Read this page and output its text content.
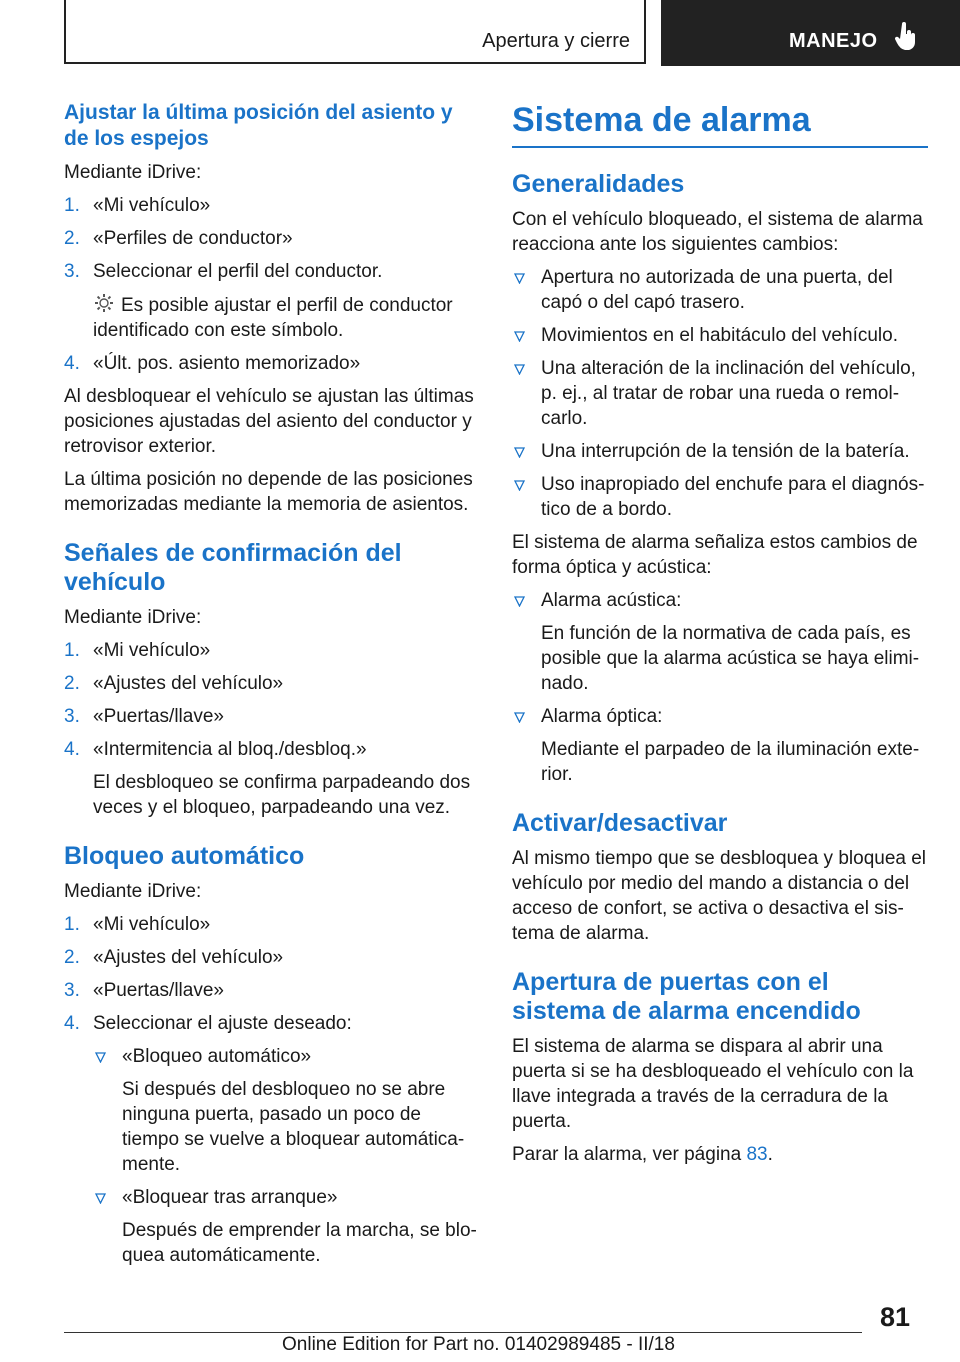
Apertura y cierre	MANEJO
Ajustar la última posición del asiento y de los espejos

Mediante iDrive:

1. «Mi vehículo»
2. «Perfiles de conductor»
3. Seleccionar el perfil del conductor.
Es posible ajustar el perfil de conductor identificado con este símbolo.
4. «Últ. pos. asiento memorizado»

Al desbloquear el vehículo se ajustan las últimas posiciones ajustadas del asiento del conductor y retrovisor exterior.

La última posición no depende de las posiciones memorizadas mediante la memoria de asientos.

Señales de confirmación del vehículo

Mediante iDrive:

1. «Mi vehículo»
2. «Ajustes del vehículo»
3. «Puertas/llave»
4. «Intermitencia al bloq./desbloq.»
El desbloqueo se confirma parpadeando dos veces y el bloqueo, parpadeando una vez.
Bloqueo automático

Mediante iDrive:

1. «Mi vehículo»
2. «Ajustes del vehículo»
3. «Puertas/llave»
4. Seleccionar el ajuste deseado:
«Bloqueo automático»
Si después del desbloqueo no se abre ninguna puerta, pasado un poco de tiempo se vuelve a bloquear automáticamente.
«Bloquear tras arranque»
Después de emprender la marcha, se bloquea automáticamente.
Sistema de alarma
Generalidades

Con el vehículo bloqueado, el sistema de alarma reacciona ante los siguientes cambios:

Apertura no autorizada de una puerta, del capó o del capó trasero.
Movimientos en el habitáculo del vehículo.
Una alteración de la inclinación del vehículo, p. ej., al tratar de robar una rueda o remolcarlo.
Una interrupción de la tensión de la batería.
Uso inapropiado del enchufe para el diagnóstico de a bordo.

El sistema de alarma señaliza estos cambios de forma óptica y acústica:

Alarma acústica:
En función de la normativa de cada país, es posible que la alarma acústica se haya eliminado.
Alarma óptica:
Mediante el parpadeo de la iluminación exterior.
Activar/desactivar

Al mismo tiempo que se desbloquea y bloquea el vehículo por medio del mando a distancia o del acceso de confort, se activa o desactiva el sistema de alarma.

Apertura de puertas con el sistema de alarma encendido

El sistema de alarma se dispara al abrir una puerta si se ha desbloqueado el vehículo con la llave integrada a través de la cerradura de la puerta.

Parar la alarma, ver página 83.

81
Online Edition for Part no. 01402989485 - II/18
